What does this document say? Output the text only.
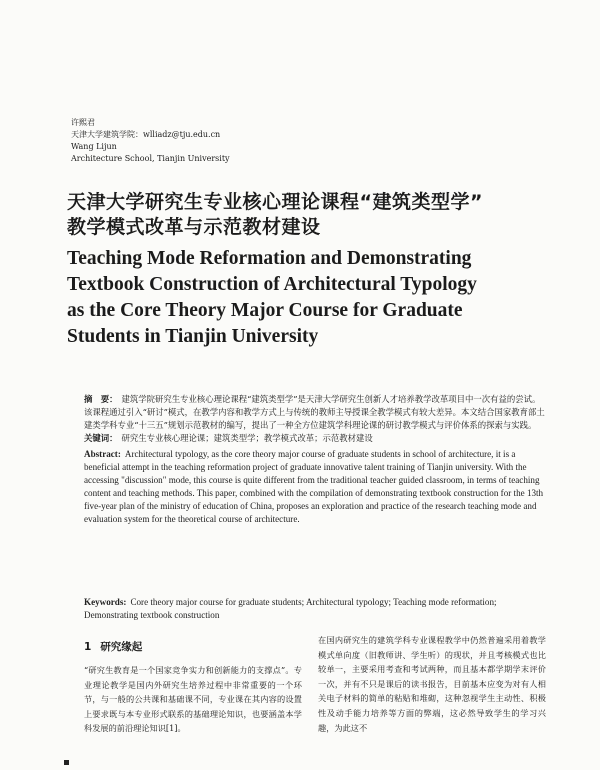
许熙君
天津大学建筑学院：wlliadz@tju.edu.cn
Wang Lijun
Architecture School, Tianjin University
天津大学研究生专业核心理论课程“建筑类型学”
教学模式改革与示范教材建设
Teaching Mode Reformation and Demonstrating
Textbook Construction of Architectural Typology
as the Core Theory Major Course for Graduate
Students in Tianjin University
摘　要： 建筑学院研究生专业核心理论课程“建筑类型学”是天津大学研究生创新人才培养教学改革项目中一次有益的尝试。该课程通过引入“研讨”模式，在教学内容和教学方式上与传统的教师主导授课全教学模式有较大差异。本文结合国家教育部土建类学科专业“十三五”规划示范教材的编写，提出了一种全方位建筑学科理论课的研讨教学模式与评价体系的探索与实践。
关键词： 研究生专业核心理论课；建筑类型学；教学模式改革；示范教材建设
Abstract: Architectural typology, as the core theory major course of graduate students in school of architecture, it is a beneficial attempt in the teaching reformation project of graduate innovative talent training of Tianjin university. With the accessing "discussion" mode, this course is quite different from the traditional teacher guided classroom, in terms of teaching content and teaching methods. This paper, combined with the compilation of demonstrating textbook construction for the 13th five-year plan of the ministry of education of China, proposes an exploration and practice of the research teaching mode and evaluation system for the theoretical course of architecture.
Keywords: Core theory major course for graduate students; Architectural typology; Teaching mode reformation; Demonstrating textbook construction
1 研究缘起
“研究生教育是一个国家竞争实力和创新能力的支撑点”。专业理论教学是国内外研究生培养过程中非常重要的一个环节，与一般的公共课和基础课不同，专业课在其内容的设置上要求既与本专业形式联系的基础理论知识，也要涵盖本学科发展的前沿理论知识[1]。
在国内研究生的建筑学科专业课程教学中仍然普遍采用着教学模式单向度（旧教师讲、学生听）的现状，并且考核模式也比较单一，主要采用考查和考试两种，而且基本都学期学末评价一次，并有不只是课后的读书报告，目前基本应变为对有人相关电子材料的简单的粘贴和堆砌，这种忽视学生主动性、积极性及动手能力培养等方面的弊端，这必然导致学生的学习兴趣，为此这不
